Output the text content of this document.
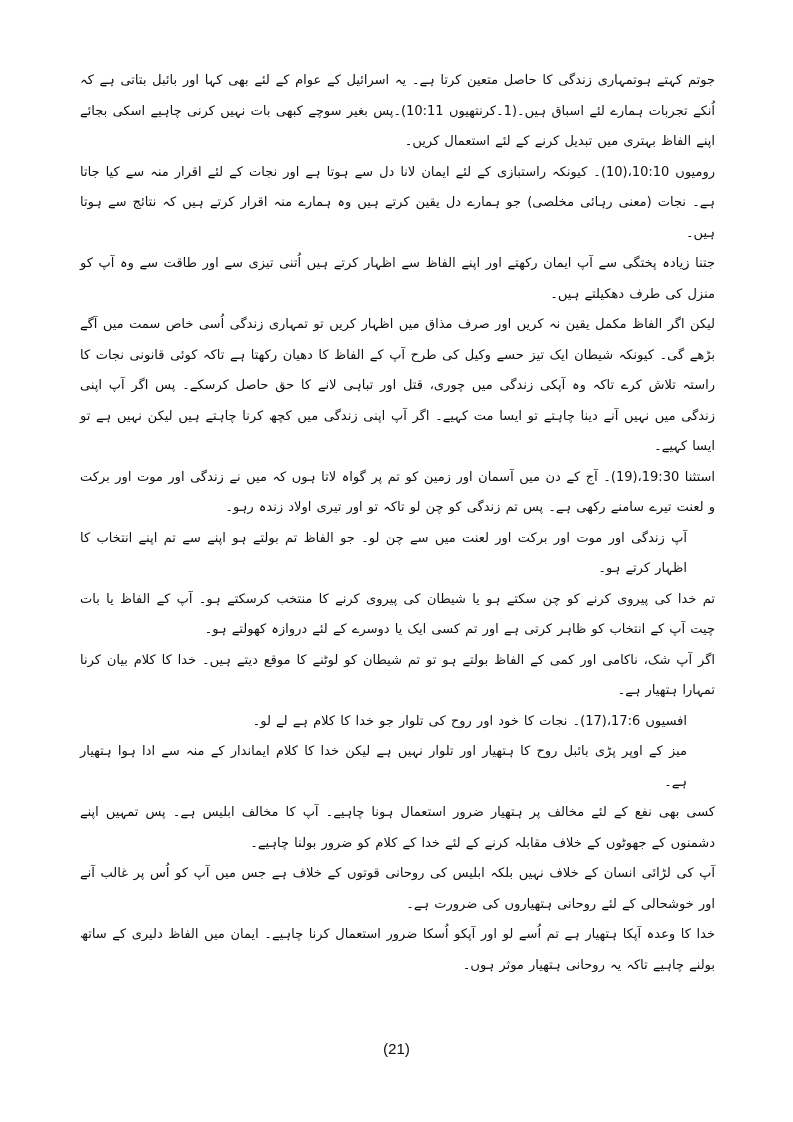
جوتم کہتے ہوتمہاری زندگی کا حاصل متعین کرتا ہے۔ یہ اسرائیل کے عوام کے لئے بھی کہا اور بائبل بتاتی ہے کہ اُنکے تجربات ہمارے لئے اسباق ہیں۔(1۔کرنتھیوں 10:11)۔پس بغیر سوچے کبھی بات نہیں کرنی چاہیے اسکی بجائے اپنے الفاظ بہتری میں تبدیل کرنے کے لئے استعمال کریں۔

رومیوں 10:10،(10)۔ کیونکہ راستبازی کے لئے ایمان لانا دل سے ہوتا ہے اور نجات کے لئے اقرار منہ سے کیا جاتا ہے۔ نجات (معنی رہائی مخلصی) جو ہمارے دل یقین کرتے ہیں وہ ہمارے منہ اقرار کرتے ہیں کہ نتائج سے ہوتا ہیں۔

جتنا زیادہ پختگی سے آپ ایمان رکھتے اور اپنے الفاظ سے اظہار کرتے ہیں اُتنی تیزی سے اور طاقت سے وہ آپ کو منزل کی طرف دھکیلتے ہیں۔

لیکن اگر الفاظ مکمل یقین نہ کریں اور صرف مذاق میں اظہار کریں تو تمہاری زندگی اُسی خاص سمت میں آگے بڑھے گی۔ کیونکہ شیطان ایک تیز حسے وکیل کی طرح آپ کے الفاظ کا دھیان رکھتا ہے تاکہ کوئی قانونی نجات کا راستہ تلاش کرے تاکہ وہ آپکی زندگی میں چوری، قتل اور تباہی لانے کا حق حاصل کرسکے۔ پس اگر آپ اپنی زندگی میں نہیں آنے دینا چاہتے تو ایسا مت کہیے۔ اگر آپ اپنی زندگی میں کچھ کرنا چاہتے ہیں لیکن نہیں ہے تو ایسا کہیے۔

استثنا 19:30،(19)۔ آج کے دن میں آسمان اور زمین کو تم پر گواہ لاتا ہوں کہ میں نے زندگی اور موت اور برکت و لعنت تیرے سامنے رکھی ہے۔ پس تم زندگی کو چن لو تاکہ تو اور تیری اولاد زندہ رہو۔

آپ زندگی اور موت اور برکت اور لعنت میں سے چن لو۔ جو الفاظ تم بولتے ہو اپنے سے تم اپنے انتخاب کا اظہار کرتے ہو۔

تم خدا کی پیروی کرنے کو چن سکتے ہو یا شیطان کی پیروی کرنے کا منتخب کرسکتے ہو۔ آپ کے الفاظ یا بات چیت آپ کے انتخاب کو ظاہر کرتی ہے اور تم کسی ایک یا دوسرے کے لئے دروازہ کھولتے ہو۔

اگر آپ شک، ناکامی اور کمی کے الفاظ بولتے ہو تو تم شیطان کو لوٹنے کا موقع دیتے ہیں۔ خدا کا کلام بیان کرنا تمہارا ہتھیار ہے۔

افسیوں 17:6،(17)۔ نجات کا خود اور روح کی تلوار جو خدا کا کلام ہے لے لو۔

میز کے اوپر پڑی بائبل روح کا ہتھیار اور تلوار نہیں ہے لیکن خدا کا کلام ایماندار کے منہ سے ادا ہوا ہتھیار ہے۔

کسی بھی نفع کے لئے مخالف پر ہتھیار ضرور استعمال ہونا چاہیے۔ آپ کا مخالف ابلیس ہے۔ پس تمہیں اپنے دشمنوں کے جھوٹوں کے خلاف مقابلہ کرنے کے لئے خدا کے کلام کو ضرور بولنا چاہیے۔

آپ کی لڑائی انسان کے خلاف نہیں بلکہ ابلیس کی روحانی قوتوں کے خلاف ہے جس میں آپ کو اُس پر غالب آنے اور خوشحالی کے لئے روحانی ہتھیاروں کی ضرورت ہے۔

خدا کا وعدہ آپکا ہتھیار ہے تم اُسے لو اور آپکو اُسکا ضرور استعمال کرنا چاہیے۔ ایمان میں الفاظ دلیری کے ساتھ بولنے چاہیے تاکہ یہ روحانی ہتھیار موثر ہوں۔

(21)
